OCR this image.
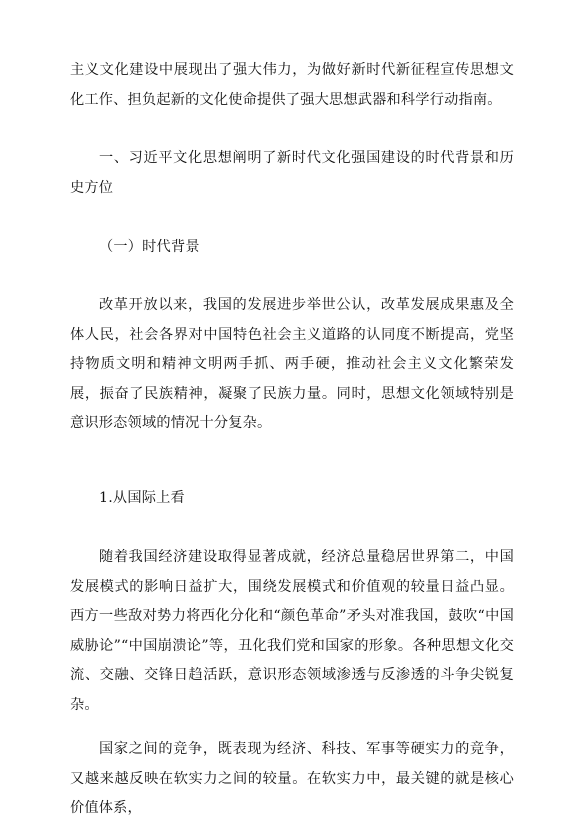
主义文化建设中展现出了强大伟力，为做好新时代新征程宣传思想文化工作、担负起新的文化使命提供了强大思想武器和科学行动指南。

一、习近平文化思想阐明了新时代文化强国建设的时代背景和历史方位

（一）时代背景

改革开放以来，我国的发展进步举世公认，改革发展成果惠及全体人民，社会各界对中国特色社会主义道路的认同度不断提高，党坚持物质文明和精神文明两手抓、两手硬，推动社会主义文化繁荣发展，振奋了民族精神，凝聚了民族力量。同时，思想文化领域特别是意识形态领域的情况十分复杂。

1.从国际上看

随着我国经济建设取得显著成就，经济总量稳居世界第二，中国发展模式的影响日益扩大，围绕发展模式和价值观的较量日益凸显。西方一些敌对势力将西化分化和“颜色革命”矛头对准我国，鼓吹“中国威胁论”“中国崩溃论”等，丑化我们党和国家的形象。各种思想文化交流、交融、交锋日趋活跃，意识形态领域渗透与反渗透的斗争尖锐复杂。

国家之间的竞争，既表现为经济、科技、军事等硬实力的竞争，又越来越反映在软实力之间的较量。在软实力中，最关键的就是核心价值体系，
